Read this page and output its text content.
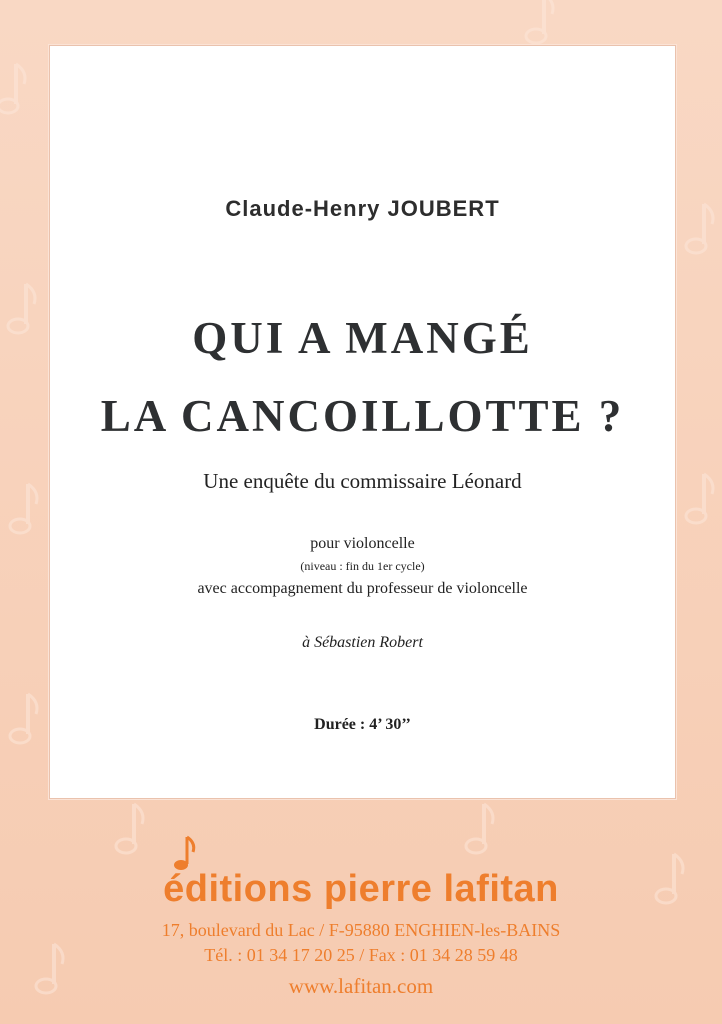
Claude-Henry JOUBERT
QUI A MANGÉ
LA CANCOILLOTTE ?
Une enquête du commissaire Léonard
pour violoncelle
(niveau : fin du 1er cycle)
avec accompagnement du professeur de violoncelle
à Sébastien Robert
Durée : 4’ 30’’
éditions pierre lafitan
17, boulevard du Lac / F-95880 ENGHIEN-les-BAINS
Tél. : 01 34 17 20 25 / Fax : 01 34 28 59 48
www.lafitan.com
